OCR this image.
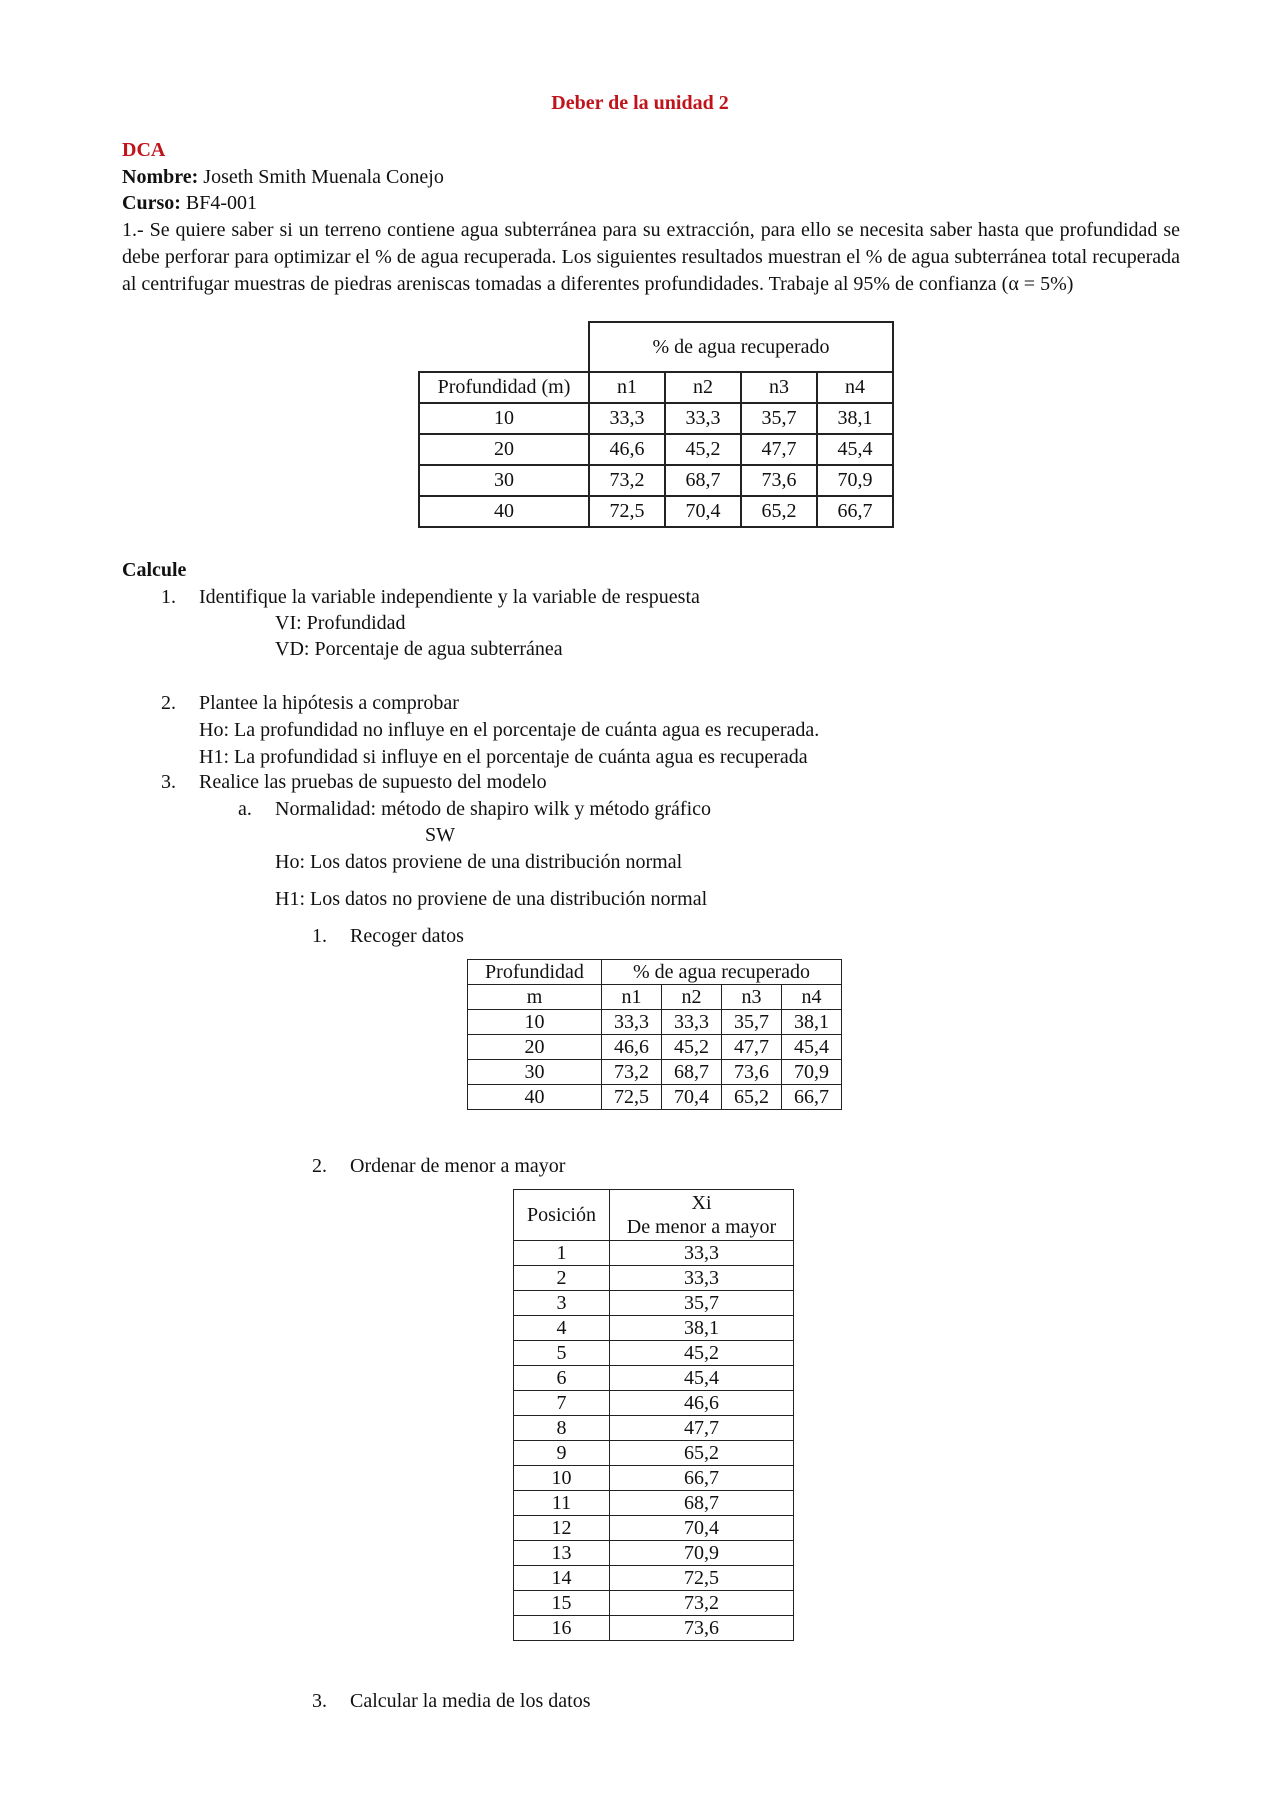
Deber de la unidad 2
DCA
Nombre: Joseth Smith Muenala Conejo
Curso: BF4-001
1.- Se quiere saber si un terreno contiene agua subterránea para su extracción, para ello se necesita saber hasta que profundidad se debe perforar para optimizar el % de agua recuperada. Los siguientes resultados muestran el % de agua subterránea total recuperada al centrifugar muestras de piedras areniscas tomadas a diferentes profundidades. Trabaje al 95% de confianza (α = 5%)
	% de agua recuperado			
Profundidad (m)	n1	n2	n3	n4
10	33,3	33,3	35,7	38,1
20	46,6	45,2	47,7	45,4
30	73,2	68,7	73,6	70,9
40	72,5	70,4	65,2	66,7
Calcule
1. Identifique la variable independiente y la variable de respuesta
VI: Profundidad
VD: Porcentaje de agua subterránea
2. Plantee la hipótesis a comprobar
Ho: La profundidad no influye en el porcentaje de cuánta agua es recuperada.
H1: La profundidad si influye en el porcentaje de cuánta agua es recuperada
3. Realice las pruebas de supuesto del modelo
a. Normalidad: método de shapiro wilk y método gráfico
SW
Ho: Los datos proviene de una distribución normal
H1: Los datos no proviene de una distribución normal
1. Recoger datos
Profundidad	% de agua recuperado			
m	n1	n2	n3	n4
10	33,3	33,3	35,7	38,1
20	46,6	45,2	47,7	45,4
30	73,2	68,7	73,6	70,9
40	72,5	70,4	65,2	66,7
2. Ordenar de menor a mayor
Posición	Xi
De menor a mayor

1	33,3
2	33,3
3	35,7
4	38,1
5	45,2
6	45,4
7	46,6
8	47,7
9	65,2
10	66,7
11	68,7
12	70,4
13	70,9
14	72,5
15	73,2
16	73,6
3. Calcular la media de los datos
